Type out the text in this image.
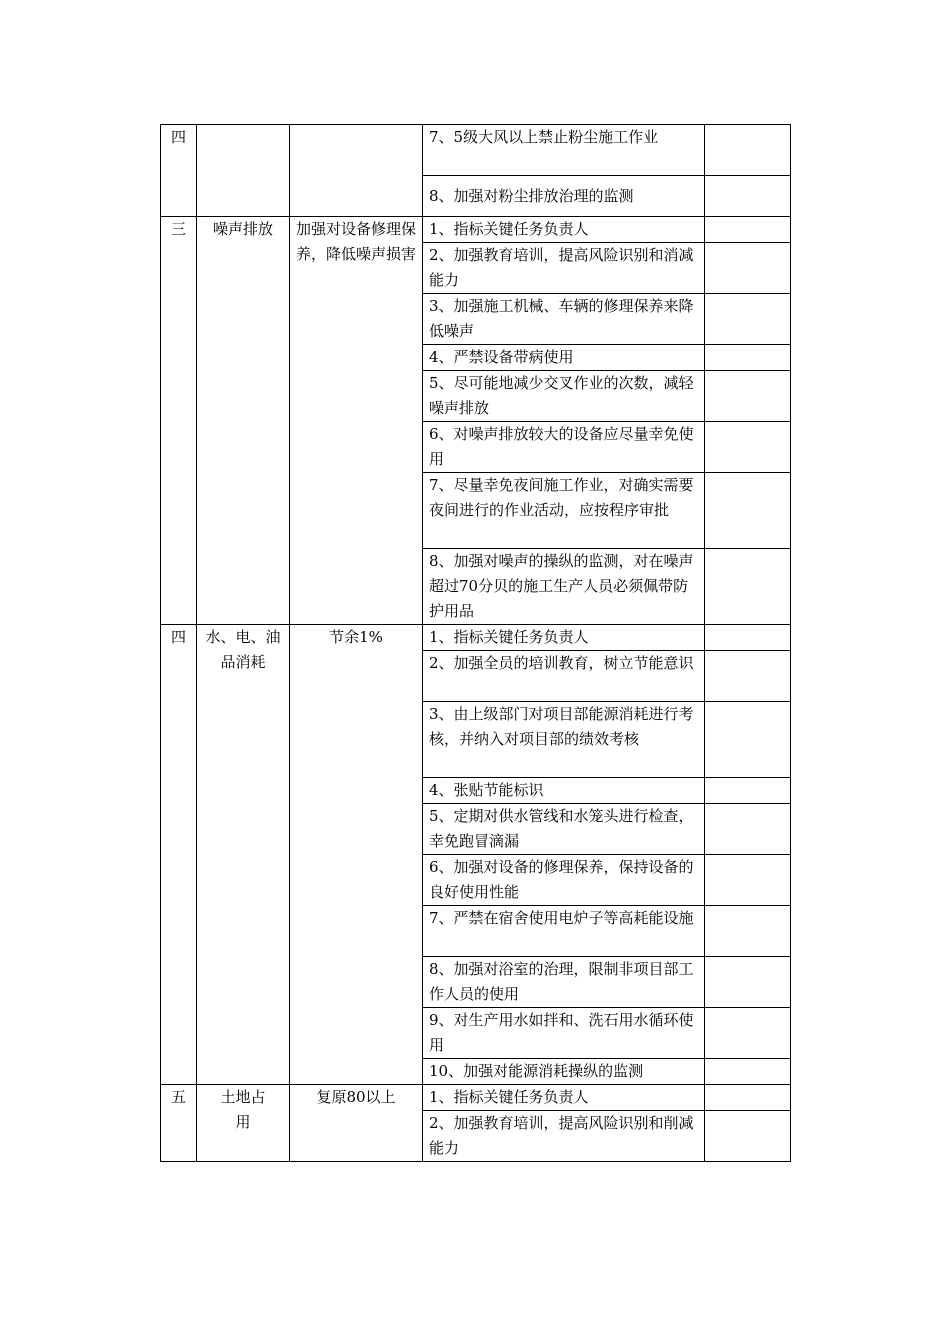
四			7、5级大风以上禁止粉尘施工作业	
			8、加强对粉尘排放治理的监测	
三	噪声排放	加强对设备修理保养，降低噪声损害	1、指标关键任务负责人	
			2、加强教育培训，提高风险识别和消减能力	
			3、加强施工机械、车辆的修理保养来降低噪声	
			4、严禁设备带病使用	
			5、尽可能地减少交叉作业的次数，减轻噪声排放	
			6、对噪声排放较大的设备应尽量幸免使用	
			7、尽量幸免夜间施工作业，对确实需要夜间进行的作业活动，应按程序审批	
			8、加强对噪声的操纵的监测，对在噪声超过70分贝的施工生产人员必须佩带防护用品	
四	水、电、油品消耗	节余1%	1、指标关键任务负责人	
			2、加强全员的培训教育，树立节能意识	
			3、由上级部门对项目部能源消耗进行考核，并纳入对项目部的绩效考核	
			4、张贴节能标识	
			5、定期对供水管线和水笼头进行检查，幸免跑冒滴漏	
			6、加强对设备的修理保养，保持设备的良好使用性能	
			7、严禁在宿舍使用电炉子等高耗能设施	
			8、加强对浴室的治理，限制非项目部工作人员的使用	
			9、对生产用水如拌和、洗石用水循环使用	
			10、加强对能源消耗操纵的监测	
五	土地占用	复原80以上	1、指标关键任务负责人	
			2、加强教育培训，提高风险识别和削减能力	
